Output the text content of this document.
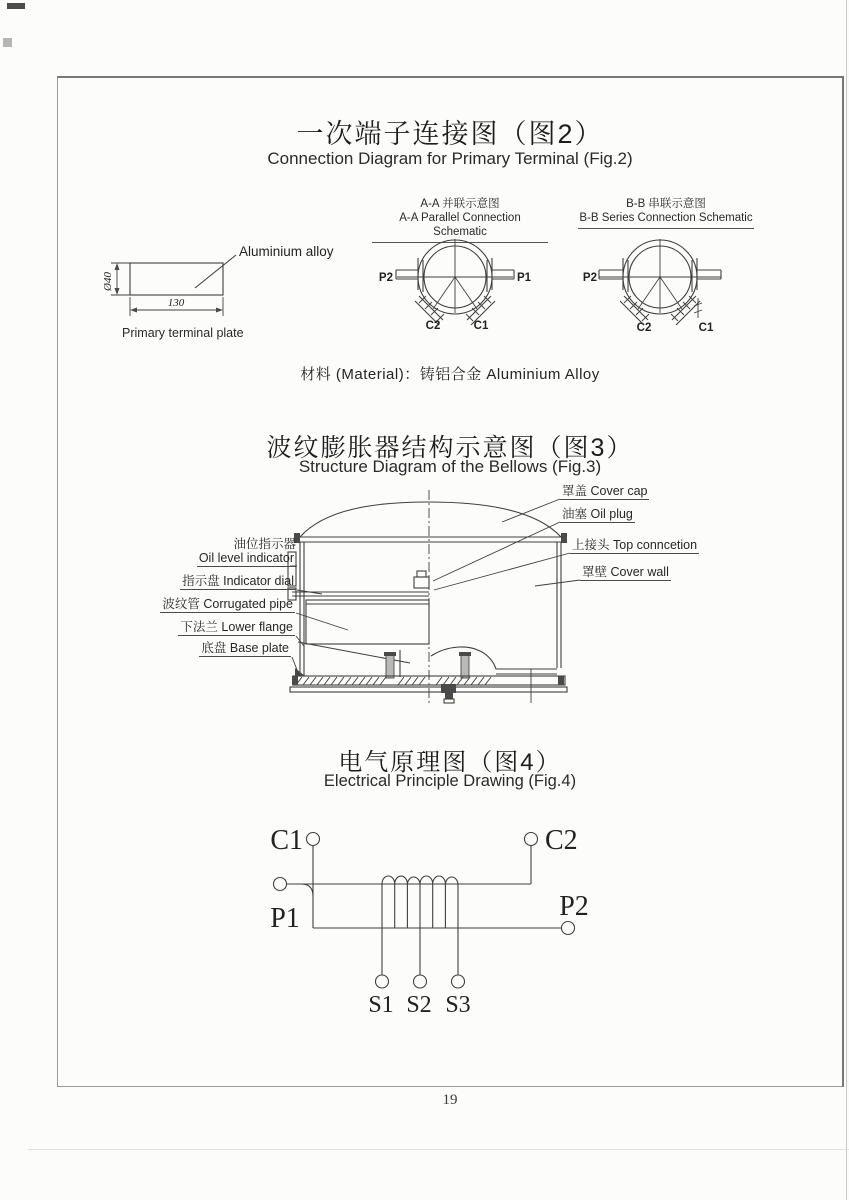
一次端子连接图（图2）
Connection Diagram for Primary Terminal (Fig.2)
A-A 并联示意图
A-A Parallel Connection Schematic
B-B 串联示意图
B-B Series Connection Schematic
Aluminium alloy
Ø40
130
Primary terminal plate
P2	P1
C2	C1
P2
C2	C1
材料 (Material)：铸铝合金 Aluminium Alloy
波纹膨胀器结构示意图（图3）
Structure Diagram of the Bellows (Fig.3)
罩盖 Cover cap
油塞 Oil plug
上接头 Top conncetion
罩壁 Cover wall
油位指示器
Oil level indicator
指示盘 Indicator dial
波纹管 Corrugated pipe
下法兰 Lower flange
底盘 Base plate
电气原理图（图4）
Electrical Principle Drawing (Fig.4)
C1	C2
P1	P2
S1 S2 S3
19
